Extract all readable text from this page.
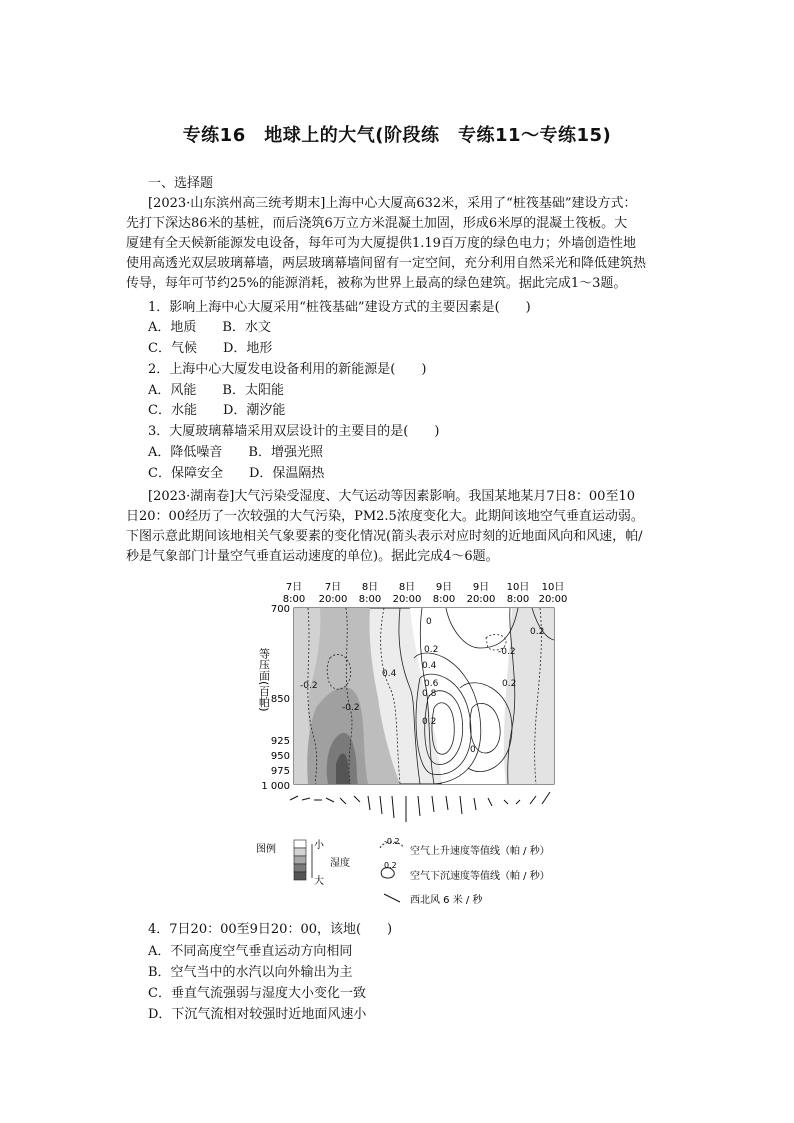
专练16　地球上的大气(阶段练　专练11～专练15)
一、选择题
[2023·山东滨州高三统考期末]上海中心大厦高632米，采用了“桩筏基础”建设方式：
先打下深达86米的基桩，而后浇筑6万立方米混凝土加固，形成6米厚的混凝土筏板。大
厦建有全天候新能源发电设备，每年可为大厦提供1.19百万度的绿色电力；外墙创造性地
使用高透光双层玻璃幕墙，两层玻璃幕墙间留有一定空间，充分利用自然采光和降低建筑热
传导，每年可节约25%的能源消耗，被称为世界上最高的绿色建筑。据此完成1～3题。
1．影响上海中心大厦采用“桩筏基础”建设方式的主要因素是(　　)
A．地质　　B．水文
C．气候　　D．地形
2．上海中心大厦发电设备利用的新能源是(　　)
A．风能　　B．太阳能
C．水能　　D．潮汐能
3．大厦玻璃幕墙采用双层设计的主要目的是(　　)
A．降低噪音　　B．增强光照
C．保障安全　　D．保温隔热
[2023·湖南卷]大气污染受湿度、大气运动等因素影响。我国某地某月7日8：00至10
日20：00经历了一次较强的大气污染，PM2.5浓度变化大。此期间该地空气垂直运动弱。
下图示意此期间该地相关气象要素的变化情况(箭头表示对应时刻的近地面风向和风速，帕/
秒是气象部门计量空气垂直运动速度的单位)。据此完成4～6题。
7日
8:00
7日
20:00
8日
8:00
8日
20:00
9日
8:00
9日
20:00
10日
8:00
10日
20:00
-0.2
0
0.2
0.4
0.6
0.8
0.2
0.4
0
0.2
-0.2
0.2
-0.2
700
850
925
950
975
1 000
等压面(百帕)
图例	小
大
湿度
-0.2
空气上升速度等值线（帕 / 秒）
0.2
空气下沉速度等值线（帕 / 秒）
西北风 6 米 / 秒
4．7日20：00至9日20：00，该地(　　)
A．不同高度空气垂直运动方向相同
B．空气当中的水汽以向外输出为主
C．垂直气流强弱与湿度大小变化一致
D．下沉气流相对较强时近地面风速小
